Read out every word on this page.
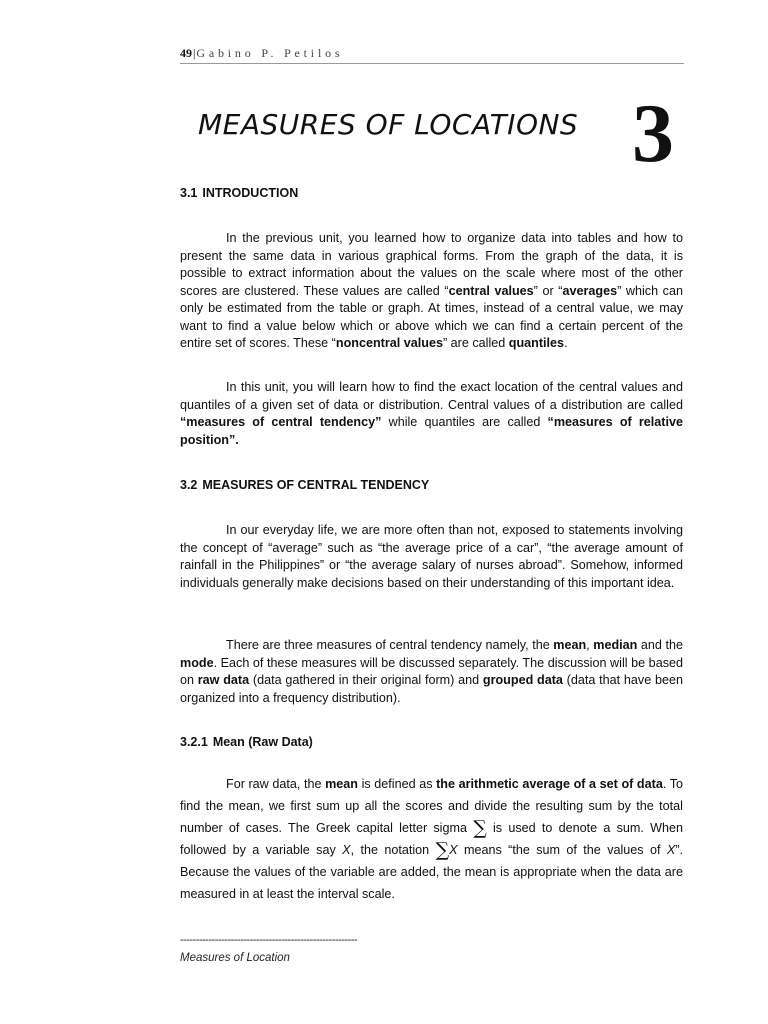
49|Gabino P. Petilos
MEASURES OF LOCATIONS 3
3.1 INTRODUCTION

In the previous unit, you learned how to organize data into tables and how to present the same data in various graphical forms. From the graph of the data, it is possible to extract information about the values on the scale where most of the other scores are clustered. These values are called “central values” or “averages” which can only be estimated from the table or graph. At times, instead of a central value, we may want to find a value below which or above which we can find a certain percent of the entire set of scores. These “noncentral values” are called quantiles.

In this unit, you will learn how to find the exact location of the central values and quantiles of a given set of data or distribution. Central values of a distribution are called “measures of central tendency” while quantiles are called “measures of relative position”.

3.2 MEASURES OF CENTRAL TENDENCY

In our everyday life, we are more often than not, exposed to statements involving the concept of “average” such as “the average price of a car”, “the average amount of rainfall in the Philippines” or “the average salary of nurses abroad”. Somehow, informed individuals generally make decisions based on their understanding of this important idea.

There are three measures of central tendency namely, the mean, median and the mode. Each of these measures will be discussed separately. The discussion will be based on raw data (data gathered in their original form) and grouped data (data that have been organized into a frequency distribution).

3.2.1 Mean (Raw Data)

For raw data, the mean is defined as the arithmetic average of a set of data. To find the mean, we first sum up all the scores and divide the resulting sum by the total number of cases. The Greek capital letter sigma ∑ is used to denote a sum. When followed by a variable say X, the notation ∑X means “the sum of the values of X”. Because the values of the variable are added, the mean is appropriate when the data are measured in at least the interval scale.

--------------------------------------------------------
Measures of Location
